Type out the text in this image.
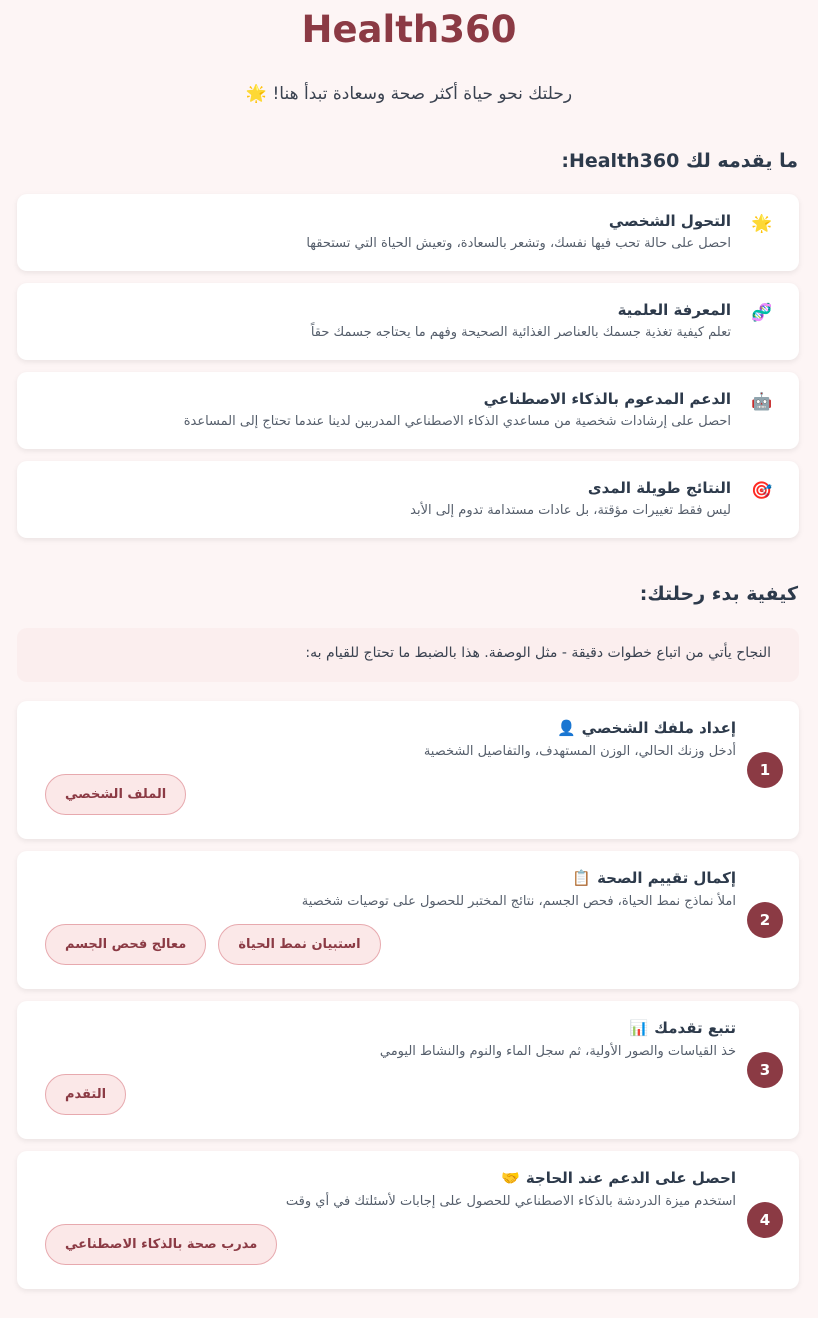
Health360
رحلتك نحو حياة أكثر صحة وسعادة تبدأ هنا! 🌟
ما يقدمه لك Health360:
🌟
التحول الشخصي
احصل على حالة تحب فيها نفسك، وتشعر بالسعادة، وتعيش الحياة التي تستحقها
🧬
المعرفة العلمية
تعلم كيفية تغذية جسمك بالعناصر الغذائية الصحيحة وفهم ما يحتاجه جسمك حقاً
🤖
الدعم المدعوم بالذكاء الاصطناعي
احصل على إرشادات شخصية من مساعدي الذكاء الاصطناعي المدربين لدينا عندما تحتاج إلى المساعدة
🎯
النتائج طويلة المدى
ليس فقط تغييرات مؤقتة، بل عادات مستدامة تدوم إلى الأبد
كيفية بدء رحلتك:
النجاح يأتي من اتباع خطوات دقيقة - مثل الوصفة. هذا بالضبط ما تحتاج للقيام به:
1
إعداد ملفك الشخصي👤
أدخل وزنك الحالي، الوزن المستهدف، والتفاصيل الشخصية
الملف الشخصي
2
إكمال تقييم الصحة📋
املأ نماذج نمط الحياة، فحص الجسم، نتائج المختبر للحصول على توصيات شخصية
استبيان نمط الحياة
معالج فحص الجسم
3
تتبع تقدمك📊
خذ القياسات والصور الأولية، ثم سجل الماء والنوم والنشاط اليومي
التقدم
4
احصل على الدعم عند الحاجة🤝
استخدم ميزة الدردشة بالذكاء الاصطناعي للحصول على إجابات لأسئلتك في أي وقت
مدرب صحة بالذكاء الاصطناعي
